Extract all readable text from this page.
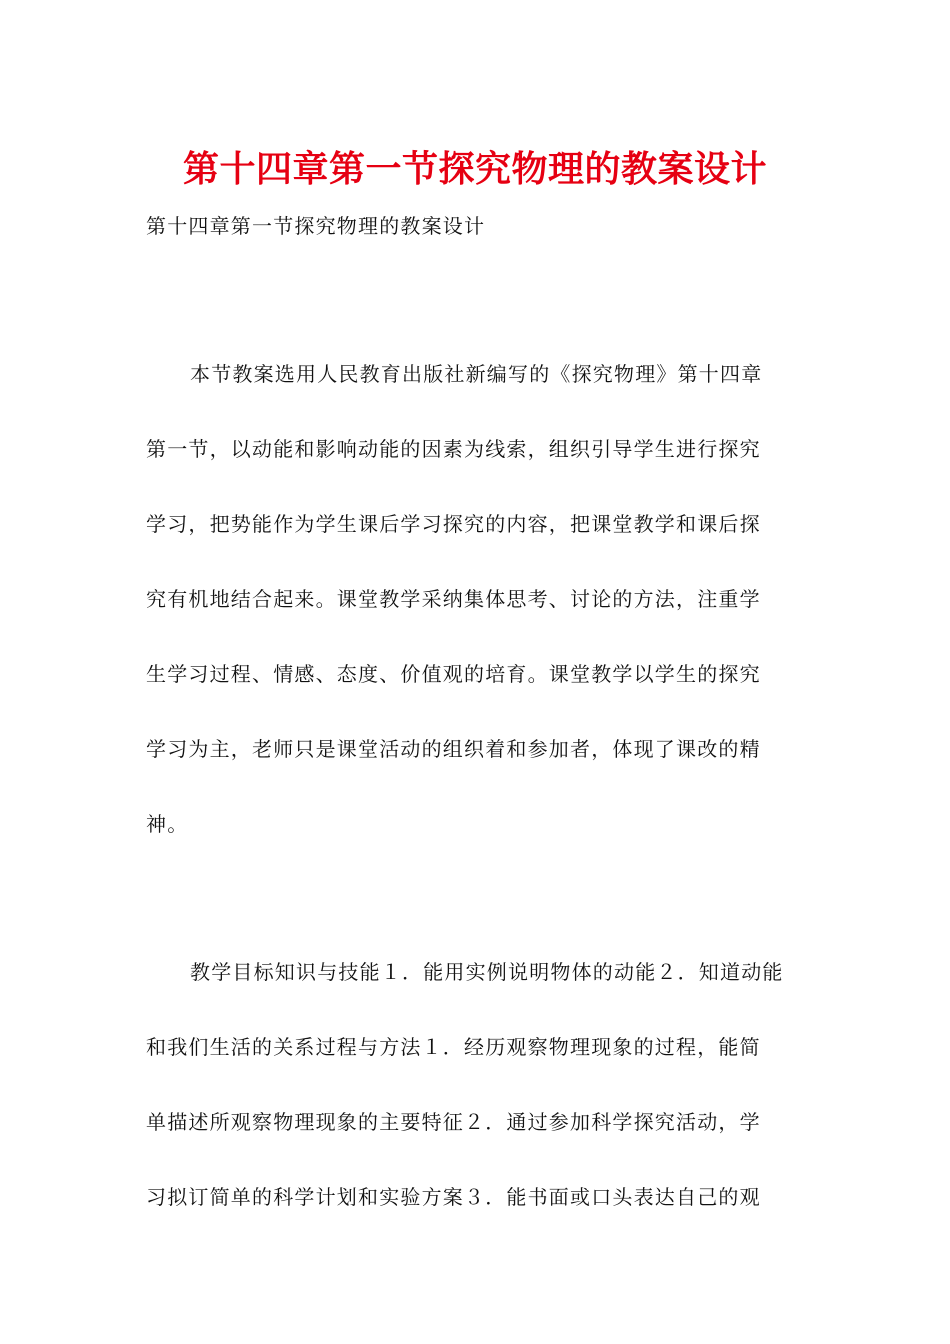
第十四章第一节探究物理的教案设计
第十四章第一节探究物理的教案设计
本节教案选用人民教育出版社新编写的《探究物理》第十四章
第一节，以动能和影响动能的因素为线索，组织引导学生进行探究
学习，把势能作为学生课后学习探究的内容，把课堂教学和课后探
究有机地结合起来。课堂教学采纳集体思考、讨论的方法，注重学
生学习过程、情感、态度、价值观的培育。课堂教学以学生的探究
学习为主，老师只是课堂活动的组织着和参加者，体现了课改的精
神。
教学目标知识与技能１．能用实例说明物体的动能２．知道动能
和我们生活的关系过程与方法１．经历观察物理现象的过程，能简
单描述所观察物理现象的主要特征２．通过参加科学探究活动，学
习拟订简单的科学计划和实验方案３．能书面或口头表达自己的观
